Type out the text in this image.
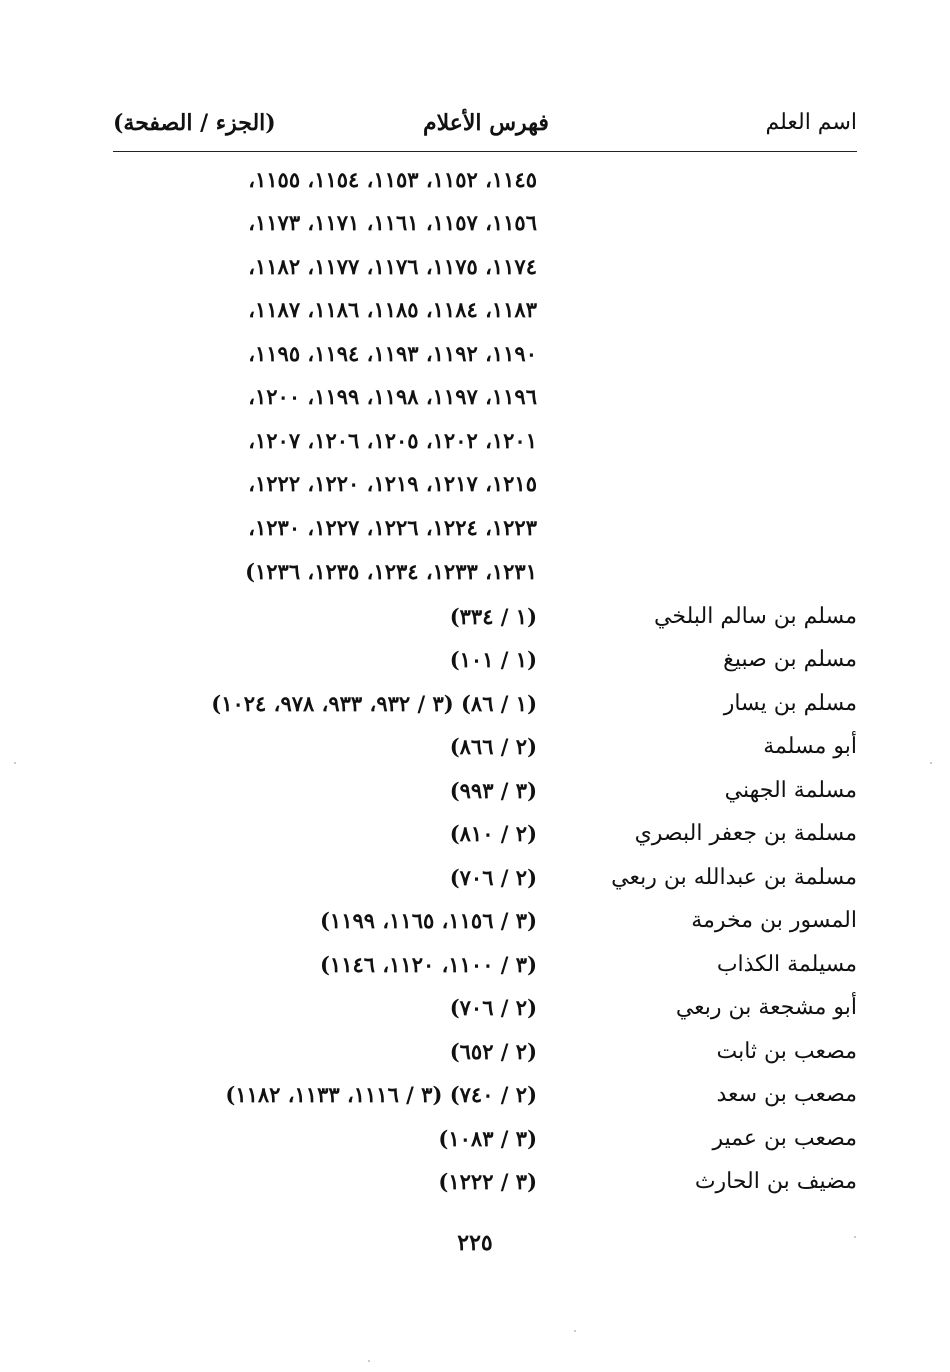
اسم العلم
فهرس الأعلام
(الجزء / الصفحة)
١١٤٥، ١١٥٢، ١١٥٣، ١١٥٤، ١١٥٥،
١١٥٦، ١١٥٧، ١١٦١، ١١٧١، ١١٧٣،
١١٧٤، ١١٧٥، ١١٧٦، ١١٧٧، ١١٨٢،
١١٨٣، ١١٨٤، ١١٨٥، ١١٨٦، ١١٨٧،
١١٩٠، ١١٩٢، ١١٩٣، ١١٩٤، ١١٩٥،
١١٩٦، ١١٩٧، ١١٩٨، ١١٩٩، ١٢٠٠،
١٢٠١، ١٢٠٢، ١٢٠٥، ١٢٠٦، ١٢٠٧،
١٢١٥، ١٢١٧، ١٢١٩، ١٢٢٠، ١٢٢٢،
١٢٢٣، ١٢٢٤، ١٢٢٦، ١٢٢٧، ١٢٣٠،
١٢٣١، ١٢٣٣، ١٢٣٤، ١٢٣٥، ١٢٣٦)
مسلم بن سالم البلخي
(١ / ٣٣٤)
مسلم بن صبيغ
(١ / ١٠١)
مسلم بن يسار
(١ / ٨٦) (٣ / ٩٣٢، ٩٣٣، ٩٧٨، ١٠٢٤)
أبو مسلمة
(٢ / ٨٦٦)
مسلمة الجهني
(٣ / ٩٩٣)
مسلمة بن جعفر البصري
(٢ / ٨١٠)
مسلمة بن عبدالله بن ربعي
(٢ / ٧٠٦)
المسور بن مخرمة
(٣ / ١١٥٦، ١١٦٥، ١١٩٩)
مسيلمة الكذاب
(٣ / ١١٠٠، ١١٢٠، ١١٤٦)
أبو مشجعة بن ربعي
(٢ / ٧٠٦)
مصعب بن ثابت
(٢ / ٦٥٢)
مصعب بن سعد
(٢ / ٧٤٠) (٣ / ١١١٦، ١١٣٣، ١١٨٢)
مصعب بن عمير
(٣ / ١٠٨٣)
مضيف بن الحارث
(٣ / ١٢٢٢)
٢٢٥
